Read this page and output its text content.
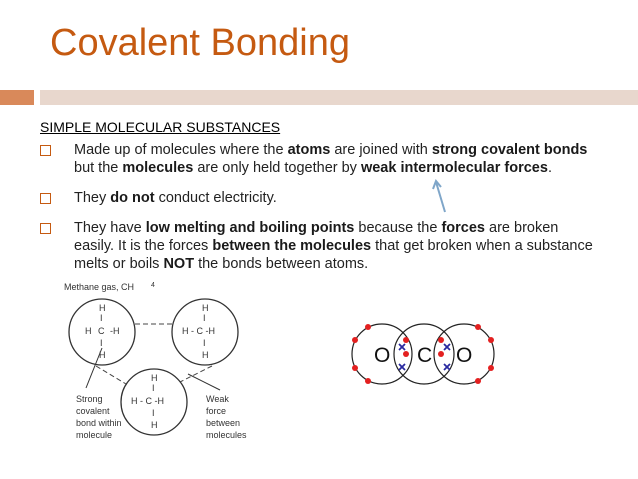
Covalent Bonding
SIMPLE MOLECULAR SUBSTANCES
Made up of molecules where the atoms are joined with strong covalent bonds but the molecules are only held together by weak intermolecular forces.
They do not conduct electricity.
They have low melting and boiling points because the forces are broken easily. It is the forces between the molecules that get broken when a substance melts or boils NOT the bonds between atoms.
Methane gas, CH 4
H
I
H C -H
I
H
H
I
H - C -H
I
H
H
I
H - C -H
I
H
Strong
covalent
bond within
molecule
Weak
force
between
molecules
O C O
